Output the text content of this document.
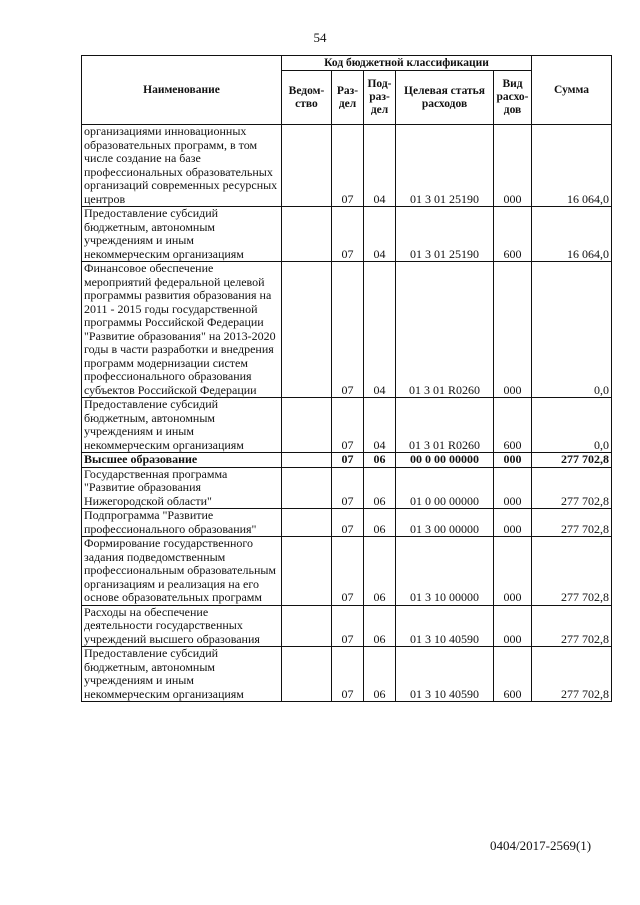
54
Наименование	Код бюджетной классификации					Сумма
	Ведом-ство	Раз-дел	Под-раз-дел	Целевая статья расходов	Вид расхо-дов	
организациями инновационных образовательных программ, в том числе создание на базе профессиональных образовательных организаций современных ресурсных центров		07	04	01 3 01 25190	000	16 064,0
Предоставление субсидий бюджетным, автономным учреждениям и иным некоммерческим организациям		07	04	01 3 01 25190	600	16 064,0
Финансовое обеспечение мероприятий федеральной целевой программы развития образования на 2011 - 2015 годы государственной программы Российской Федерации "Развитие образования" на 2013-2020 годы в части разработки и внедрения программ модернизации систем профессионального образования субъектов Российской Федерации		07	04	01 3 01 R0260	000	0,0
Предоставление субсидий бюджетным, автономным учреждениям и иным некоммерческим организациям		07	04	01 3 01 R0260	600	0,0
Высшее образование		07	06	00 0 00 00000	000	277 702,8
Государственная программа "Развитие образования Нижегородской области"		07	06	01 0 00 00000	000	277 702,8
Подпрограмма "Развитие профессионального образования"		07	06	01 3 00 00000	000	277 702,8
Формирование государственного задания подведомственным профессиональным образовательным организациям и реализация на его основе образовательных программ		07	06	01 3 10 00000	000	277 702,8
Расходы на обеспечение деятельности государственных учреждений высшего образования		07	06	01 3 10 40590	000	277 702,8
Предоставление субсидий бюджетным, автономным учреждениям и иным некоммерческим организациям		07	06	01 3 10 40590	600	277 702,8
0404/2017-2569(1)
